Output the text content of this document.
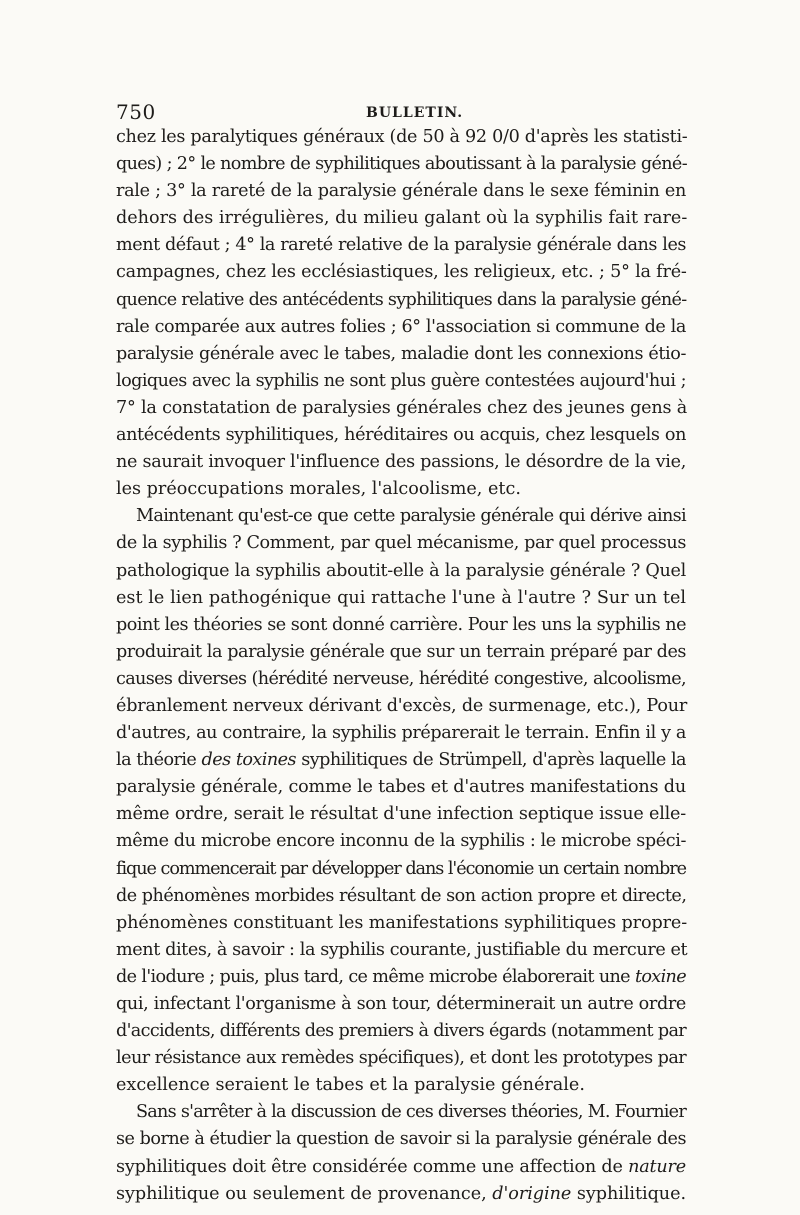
750	BULLETIN.
chez les paralytiques généraux (de 50 à 92 0/0 d'après les statisti-
ques) ; 2° le nombre de syphilitiques aboutissant à la paralysie géné-
rale ; 3° la rareté de la paralysie générale dans le sexe féminin en
dehors des irrégulières, du milieu galant où la syphilis fait rare-
ment défaut ; 4° la rareté relative de la paralysie générale dans les
campagnes, chez les ecclésiastiques, les religieux, etc. ; 5° la fré-
quence relative des antécédents syphilitiques dans la paralysie géné-
rale comparée aux autres folies ; 6° l'association si commune de la
paralysie générale avec le tabes, maladie dont les connexions étio-
logiques avec la syphilis ne sont plus guère contestées aujourd'hui ;
7° la constatation de paralysies générales chez des jeunes gens à
antécédents syphilitiques, héréditaires ou acquis, chez lesquels on
ne saurait invoquer l'influence des passions, le désordre de la vie,
les préoccupations morales, l'alcoolisme, etc.
Maintenant qu'est-ce que cette paralysie générale qui dérive ainsi
de la syphilis ? Comment, par quel mécanisme, par quel processus
pathologique la syphilis aboutit-elle à la paralysie générale ? Quel
est le lien pathogénique qui rattache l'une à l'autre ? Sur un tel
point les théories se sont donné carrière. Pour les uns la syphilis ne
produirait la paralysie générale que sur un terrain préparé par des
causes diverses (hérédité nerveuse, hérédité congestive, alcoolisme,
ébranlement nerveux dérivant d'excès, de surmenage, etc.), Pour
d'autres, au contraire, la syphilis préparerait le terrain. Enfin il y a
la théorie des toxines syphilitiques de Strümpell, d'après laquelle la
paralysie générale, comme le tabes et d'autres manifestations du
même ordre, serait le résultat d'une infection septique issue elle-
même du microbe encore inconnu de la syphilis : le microbe spéci-
fique commencerait par développer dans l'économie un certain nombre
de phénomènes morbides résultant de son action propre et directe,
phénomènes constituant les manifestations syphilitiques propre-
ment dites, à savoir : la syphilis courante, justifiable du mercure et
de l'iodure ; puis, plus tard, ce même microbe élaborerait une toxine
qui, infectant l'organisme à son tour, déterminerait un autre ordre
d'accidents, différents des premiers à divers égards (notamment par
leur résistance aux remèdes spécifiques), et dont les prototypes par
excellence seraient le tabes et la paralysie générale.
Sans s'arrêter à la discussion de ces diverses théories, M. Fournier
se borne à étudier la question de savoir si la paralysie générale des
syphilitiques doit être considérée comme une affection de nature
syphilitique ou seulement de provenance, d'origine syphilitique.
